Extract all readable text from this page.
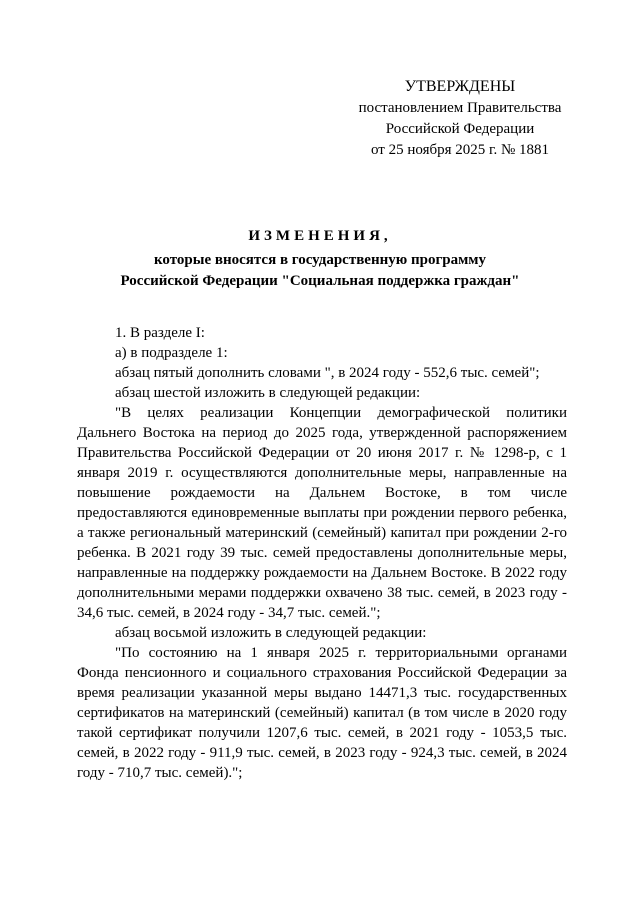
УТВЕРЖДЕНЫ
постановлением Правительства
Российской Федерации
от 25 ноября 2025 г. № 1881
ИЗМЕНЕНИЯ,
которые вносятся в государственную программу
Российской Федерации "Социальная поддержка граждан"

1. В разделе I:

а) в подразделе 1:

абзац пятый дополнить словами ", в 2024 году - 552,6 тыс. семей";

абзац шестой изложить в следующей редакции:

"В целях реализации Концепции демографической политики Дальнего Востока на период до 2025 года, утвержденной распоряжением Правительства Российской Федерации от 20 июня 2017 г. № 1298-р, с 1 января 2019 г. осуществляются дополнительные меры, направленные на повышение рождаемости на Дальнем Востоке, в том числе предоставляются единовременные выплаты при рождении первого ребенка, а также региональный материнский (семейный) капитал при рождении 2-го ребенка. В 2021 году 39 тыс. семей предоставлены дополнительные меры, направленные на поддержку рождаемости на Дальнем Востоке. В 2022 году дополнительными мерами поддержки охвачено 38 тыс. семей, в 2023 году - 34,6 тыс. семей, в 2024 году - 34,7 тыс. семей.";

абзац восьмой изложить в следующей редакции:

"По состоянию на 1 января 2025 г. территориальными органами Фонда пенсионного и социального страхования Российской Федерации за время реализации указанной меры выдано 14471,3 тыс. государственных сертификатов на материнский (семейный) капитал (в том числе в 2020 году такой сертификат получили 1207,6 тыс. семей, в 2021 году - 1053,5 тыс. семей, в 2022 году - 911,9 тыс. семей, в 2023 году - 924,3 тыс. семей, в 2024 году - 710,7 тыс. семей).";
